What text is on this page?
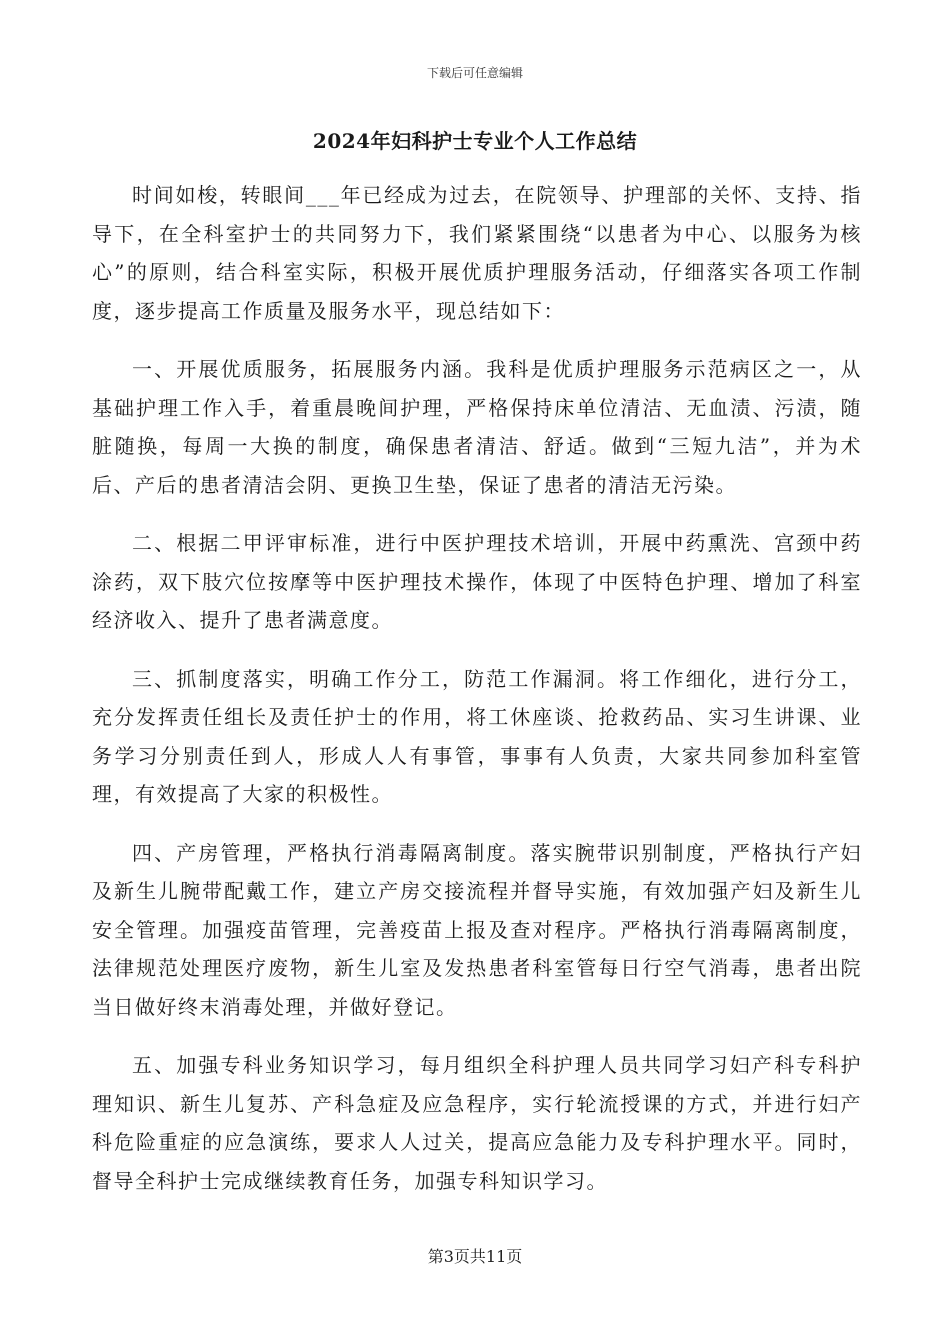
下载后可任意编辑
2024年妇科护士专业个人工作总结

时间如梭，转眼间___年已经成为过去，在院领导、护理部的关怀、支持、指导下，在全科室护士的共同努力下，我们紧紧围绕“以患者为中心、以服务为核心”的原则，结合科室实际，积极开展优质护理服务活动，仔细落实各项工作制度，逐步提高工作质量及服务水平，现总结如下：

一、开展优质服务，拓展服务内涵。我科是优质护理服务示范病区之一，从基础护理工作入手，着重晨晚间护理，严格保持床单位清洁、无血渍、污渍，随脏随换，每周一大换的制度，确保患者清洁、舒适。做到“三短九洁”，并为术后、产后的患者清洁会阴、更换卫生垫，保证了患者的清洁无污染。

二、根据二甲评审标准，进行中医护理技术培训，开展中药熏洗、宫颈中药涂药，双下肢穴位按摩等中医护理技术操作，体现了中医特色护理、增加了科室经济收入、提升了患者满意度。

三、抓制度落实，明确工作分工，防范工作漏洞。将工作细化，进行分工，充分发挥责任组长及责任护士的作用，将工休座谈、抢救药品、实习生讲课、业务学习分别责任到人，形成人人有事管，事事有人负责，大家共同参加科室管理，有效提高了大家的积极性。

四、产房管理，严格执行消毒隔离制度。落实腕带识别制度，严格执行产妇及新生儿腕带配戴工作，建立产房交接流程并督导实施，有效加强产妇及新生儿安全管理。加强疫苗管理，完善疫苗上报及查对程序。严格执行消毒隔离制度，法律规范处理医疗废物，新生儿室及发热患者科室管每日行空气消毒，患者出院当日做好终末消毒处理，并做好登记。

五、加强专科业务知识学习，每月组织全科护理人员共同学习妇产科专科护理知识、新生儿复苏、产科急症及应急程序，实行轮流授课的方式，并进行妇产科危险重症的应急演练，要求人人过关，提高应急能力及专科护理水平。同时，督导全科护士完成继续教育任务，加强专科知识学习。

第3页共11页
